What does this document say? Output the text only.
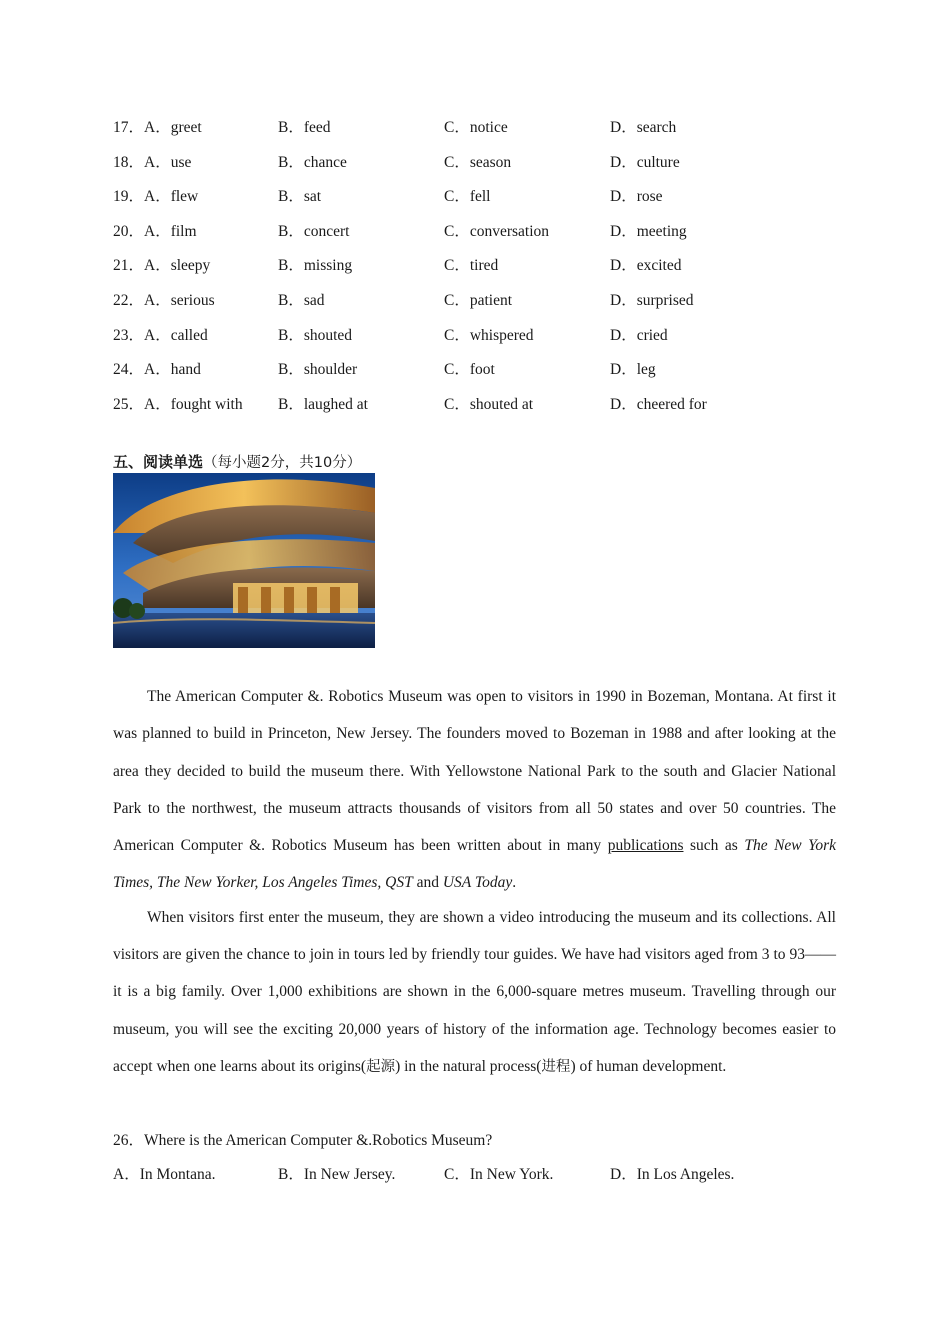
17．A．greet	B．feed	C．notice	D．search
18．A．use	B．chance	C．season	D．culture
19．A．flew	B．sat	C．fell	D．rose
20．A．film	B．concert	C．conversation	D．meeting
21．A．sleepy	B．missing	C．tired	D．excited
22．A．serious	B．sad	C．patient	D．surprised
23．A．called	B．shouted	C．whispered	D．cried
24．A．hand	B．shoulder	C．foot	D．leg
25．A．fought with B．laughed at	C．shouted at	D．cheered for
五、阅读单选（每小题2分，共10分）

The American Computer &. Robotics Museum was open to visitors in 1990 in Bozeman, Montana. At first it was planned to build in Princeton, New Jersey. The founders moved to Bozeman in 1988 and after looking at the area they decided to build the museum there. With Yellowstone National Park to the south and Glacier National Park to the northwest, the museum attracts thousands of visitors from all 50 states and over 50 countries. The American Computer &. Robotics Museum has been written about in many publications such as The New York Times, The New Yorker, Los Angeles Times, QST and USA Today.

When visitors first enter the museum, they are shown a video introducing the museum and its collections. All visitors are given the chance to join in tours led by friendly tour guides. We have had visitors aged from 3 to 93—— it is a big family. Over 1,000 exhibitions are shown in the 6,000-square metres museum. Travelling through our museum, you will see the exciting 20,000 years of history of the information age. Technology becomes easier to accept when one learns about its origins(起源) in the natural process(进程) of human development.

26．Where is the American Computer &.Robotics Museum?
A．In Montana.	B．In New Jersey.	C．In New York.	D．In Los Angeles.
